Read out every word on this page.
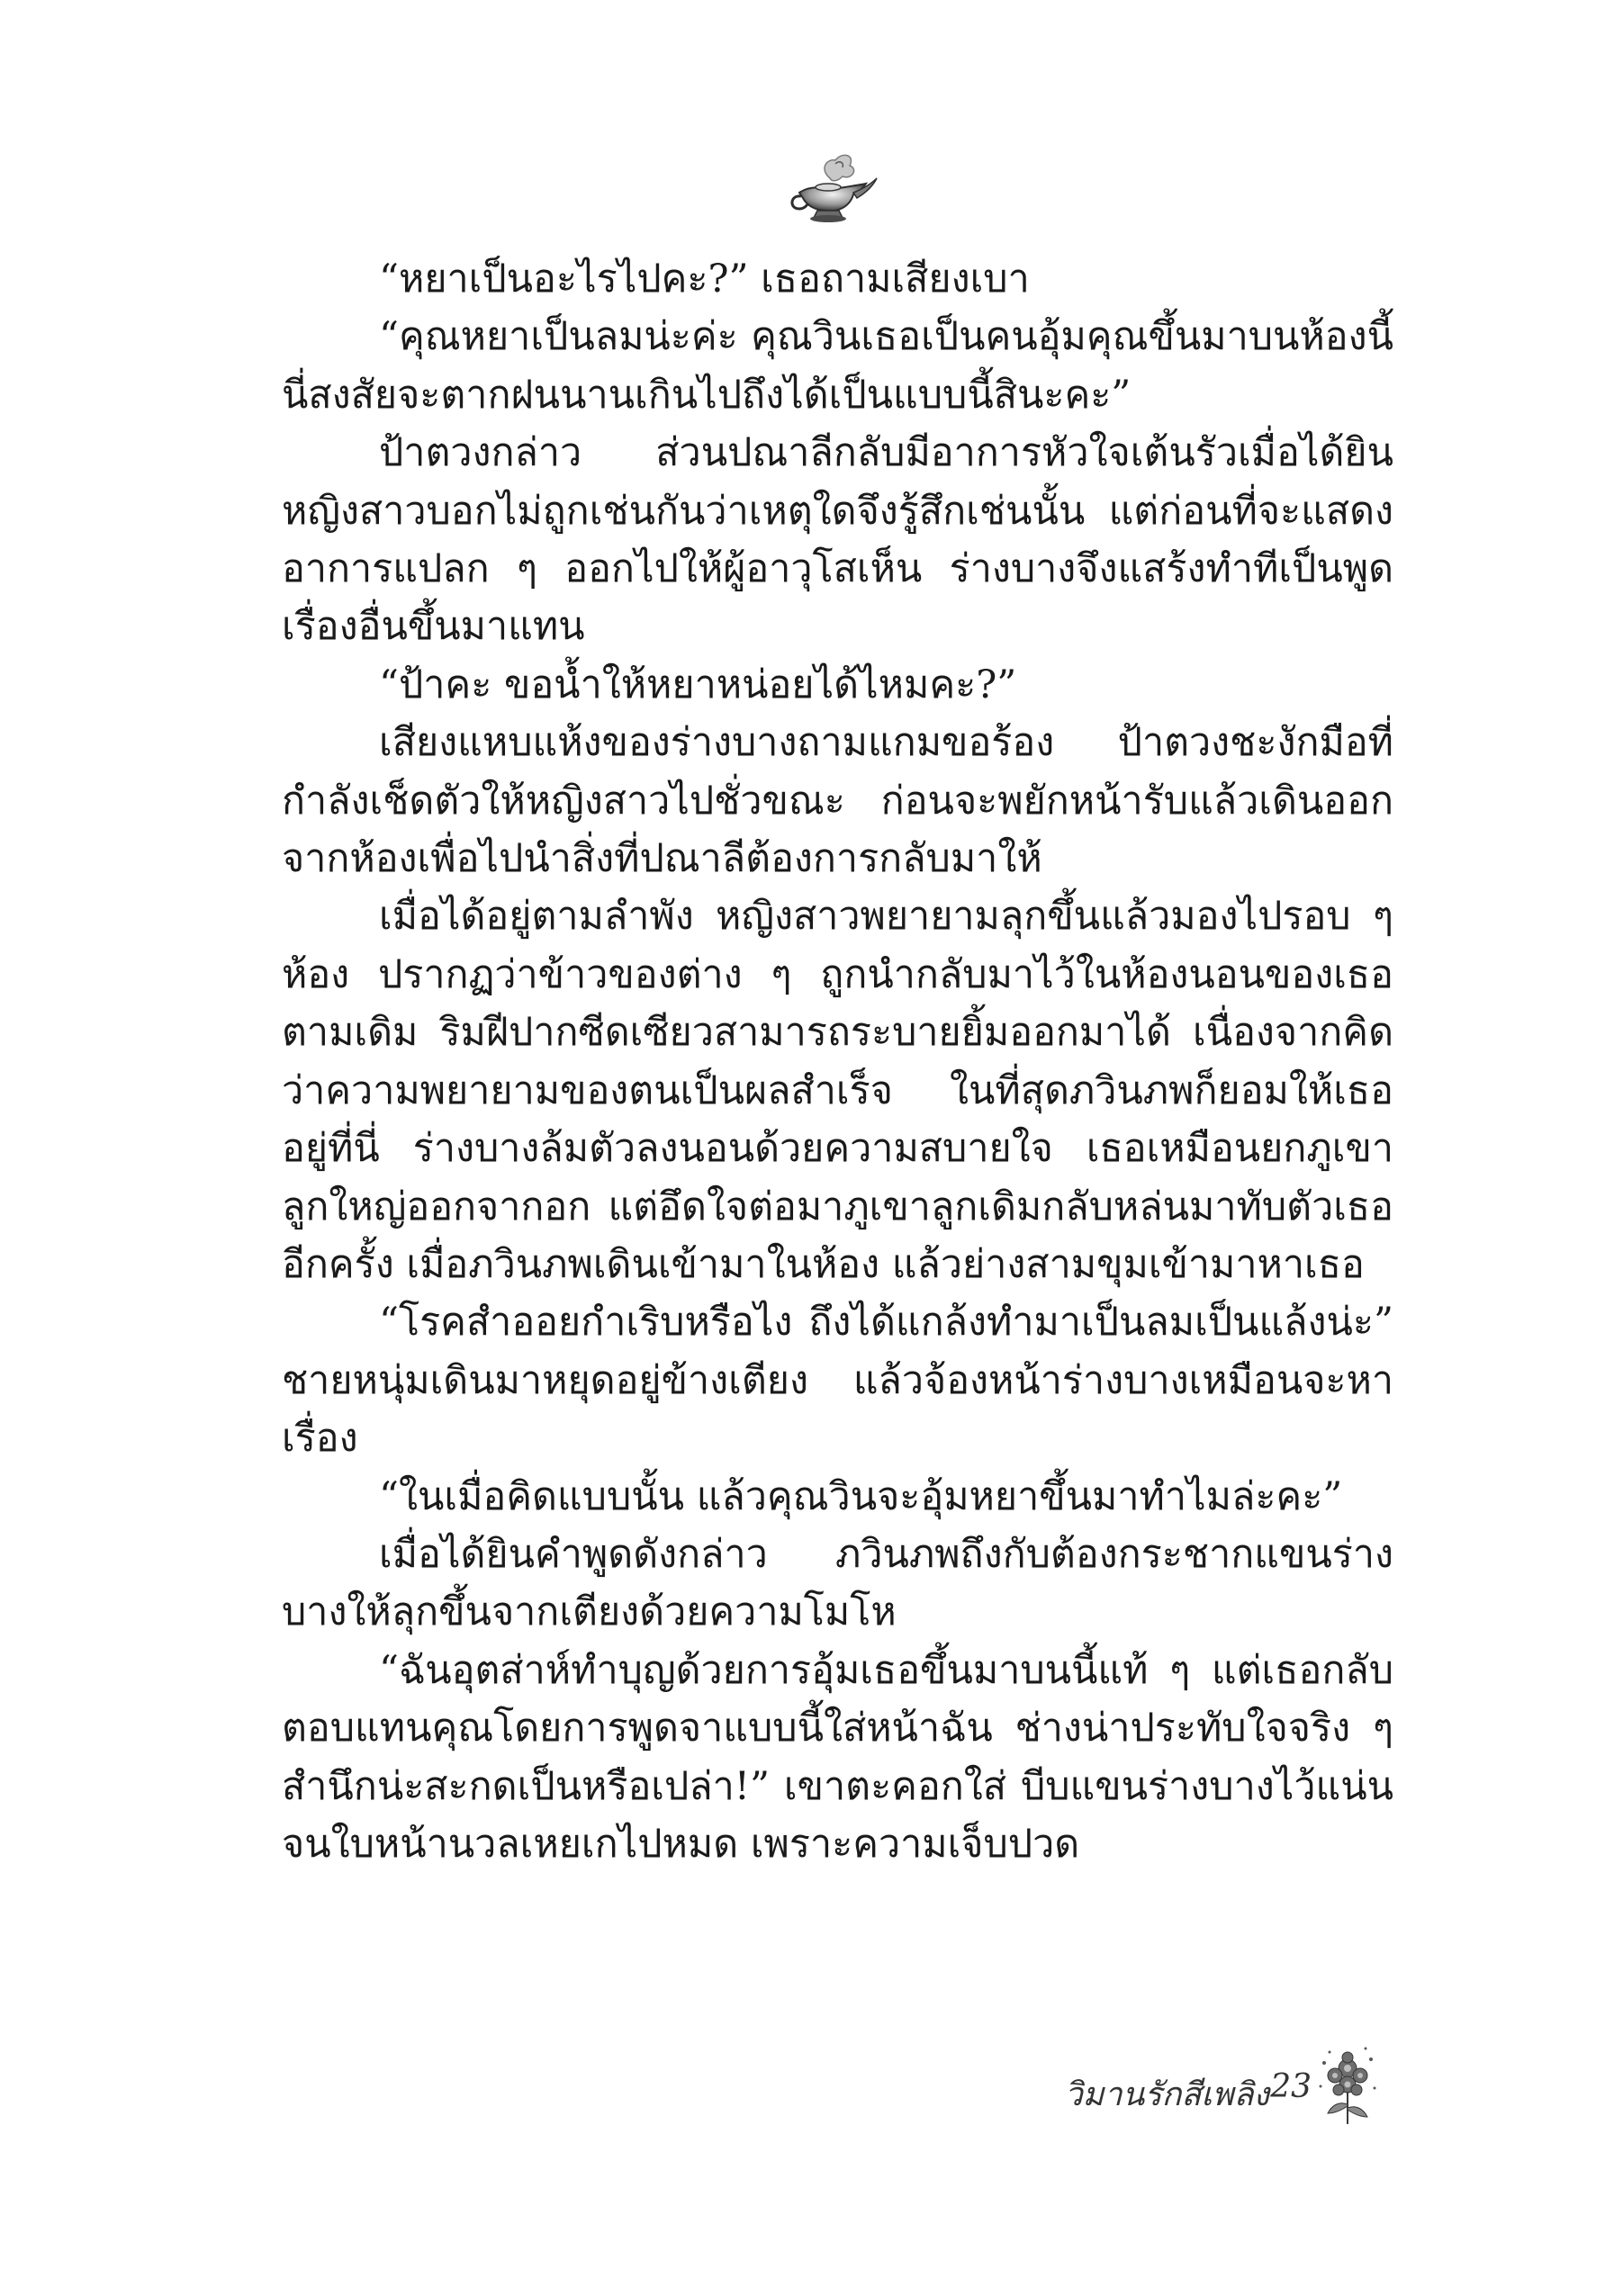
“หยาเป็นอะไรไปคะ?” เธอถามเสียงเบา

“คุณหยาเป็นลมน่ะค่ะ คุณวินเธอเป็นคนอุ้มคุณขึ้นมาบนห้องนี้ นี่สงสัยจะตากฝนนานเกินไปถึงได้เป็นแบบนี้สินะคะ”

ป้าตวงกล่าว ส่วนปณาลีกลับมีอาการหัวใจเต้นรัวเมื่อได้ยิน หญิงสาวบอกไม่ถูกเช่นกันว่าเหตุใดจึงรู้สึกเช่นนั้น แต่ก่อนที่จะแสดงอาการแปลก ๆ ออกไปให้ผู้อาวุโสเห็น ร่างบางจึงแสร้งทำทีเป็นพูดเรื่องอื่นขึ้นมาแทน

“ป้าคะ ขอน้ำให้หยาหน่อยได้ไหมคะ?”

เสียงแหบแห้งของร่างบางถามแกมขอร้อง ป้าตวงชะงักมือที่กำลังเช็ดตัวให้หญิงสาวไปชั่วขณะ ก่อนจะพยักหน้ารับแล้วเดินออกจากห้องเพื่อไปนำสิ่งที่ปณาลีต้องการกลับมาให้

เมื่อได้อยู่ตามลำพัง หญิงสาวพยายามลุกขึ้นแล้วมองไปรอบ ๆ ห้อง ปรากฏว่าข้าวของต่าง ๆ ถูกนำกลับมาไว้ในห้องนอนของเธอตามเดิม ริมฝีปากซีดเซียวสามารถระบายยิ้มออกมาได้ เนื่องจากคิดว่าความพยายามของตนเป็นผลสำเร็จ ในที่สุดภวินภพก็ยอมให้เธออยู่ที่นี่ ร่างบางล้มตัวลงนอนด้วยความสบายใจ เธอเหมือนยกภูเขาลูกใหญ่ออกจากอก แต่อึดใจต่อมาภูเขาลูกเดิมกลับหล่นมาทับตัวเธออีกครั้ง เมื่อภวินภพเดินเข้ามาในห้อง แล้วย่างสามขุมเข้ามาหาเธอ

“โรคสำออยกำเริบหรือไง ถึงได้แกล้งทำมาเป็นลมเป็นแล้งน่ะ” ชายหนุ่มเดินมาหยุดอยู่ข้างเตียง แล้วจ้องหน้าร่างบางเหมือนจะหาเรื่อง

“ในเมื่อคิดแบบนั้น แล้วคุณวินจะอุ้มหยาขึ้นมาทำไมล่ะคะ”

เมื่อได้ยินคำพูดดังกล่าว ภวินภพถึงกับต้องกระชากแขนร่างบางให้ลุกขึ้นจากเตียงด้วยความโมโห

“ฉันอุตส่าห์ทำบุญด้วยการอุ้มเธอขึ้นมาบนนี้แท้ ๆ แต่เธอกลับตอบแทนคุณโดยการพูดจาแบบนี้ใส่หน้าฉัน ช่างน่าประทับใจจริง ๆ สำนึกน่ะสะกดเป็นหรือเปล่า!” เขาตะคอกใส่ บีบแขนร่างบางไว้แน่นจนใบหน้านวลเหยเกไปหมด เพราะความเจ็บปวด

วิมานรักสีเพลิง 23
